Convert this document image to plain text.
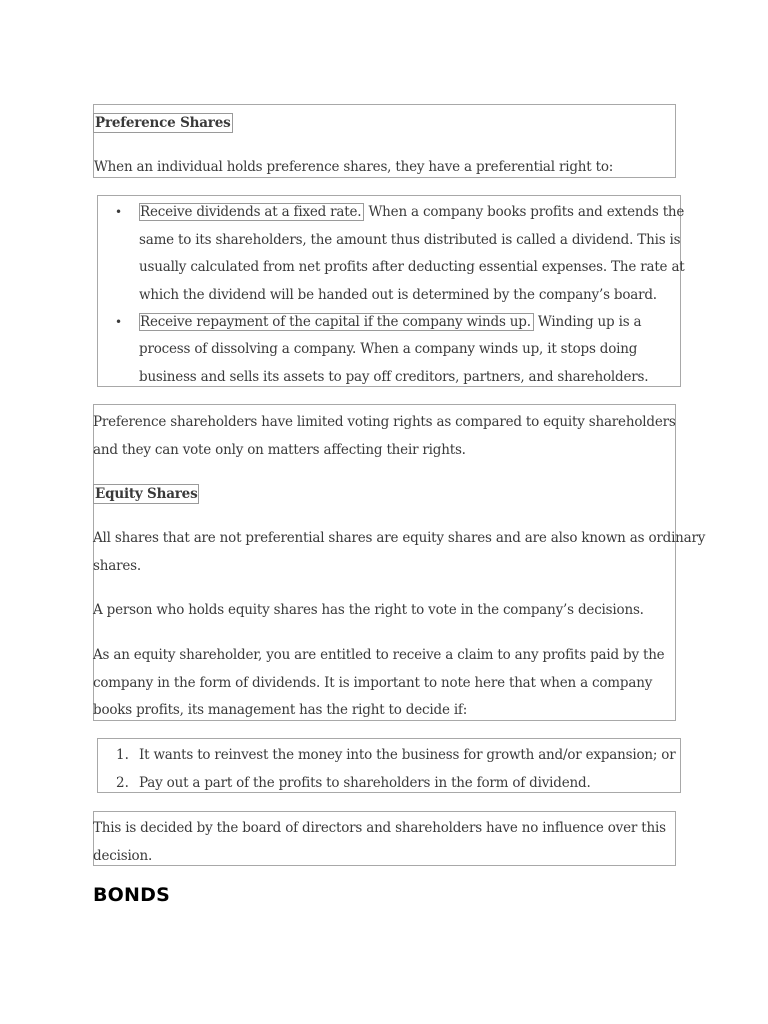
Preference Shares

When an individual holds preference shares, they have a preferential right to:

• Receive dividends at a fixed rate. When a company books profits and extends the

same to its shareholders, the amount thus distributed is called a dividend. This is

usually calculated from net profits after deducting essential expenses. The rate at

which the dividend will be handed out is determined by the company’s board.

• Receive repayment of the capital if the company winds up. Winding up is a

process of dissolving a company. When a company winds up, it stops doing

business and sells its assets to pay off creditors, partners, and shareholders.

Preference shareholders have limited voting rights as compared to equity shareholders

and they can vote only on matters affecting their rights.

Equity Shares

All shares that are not preferential shares are equity shares and are also known as ordinary

shares.

A person who holds equity shares has the right to vote in the company’s decisions.

As an equity shareholder, you are entitled to receive a claim to any profits paid by the

company in the form of dividends. It is important to note here that when a company

books profits, its management has the right to decide if:

1. It wants to reinvest the money into the business for growth and/or expansion; or

2. Pay out a part of the profits to shareholders in the form of dividend.

This is decided by the board of directors and shareholders have no influence over this

decision.

BONDS
